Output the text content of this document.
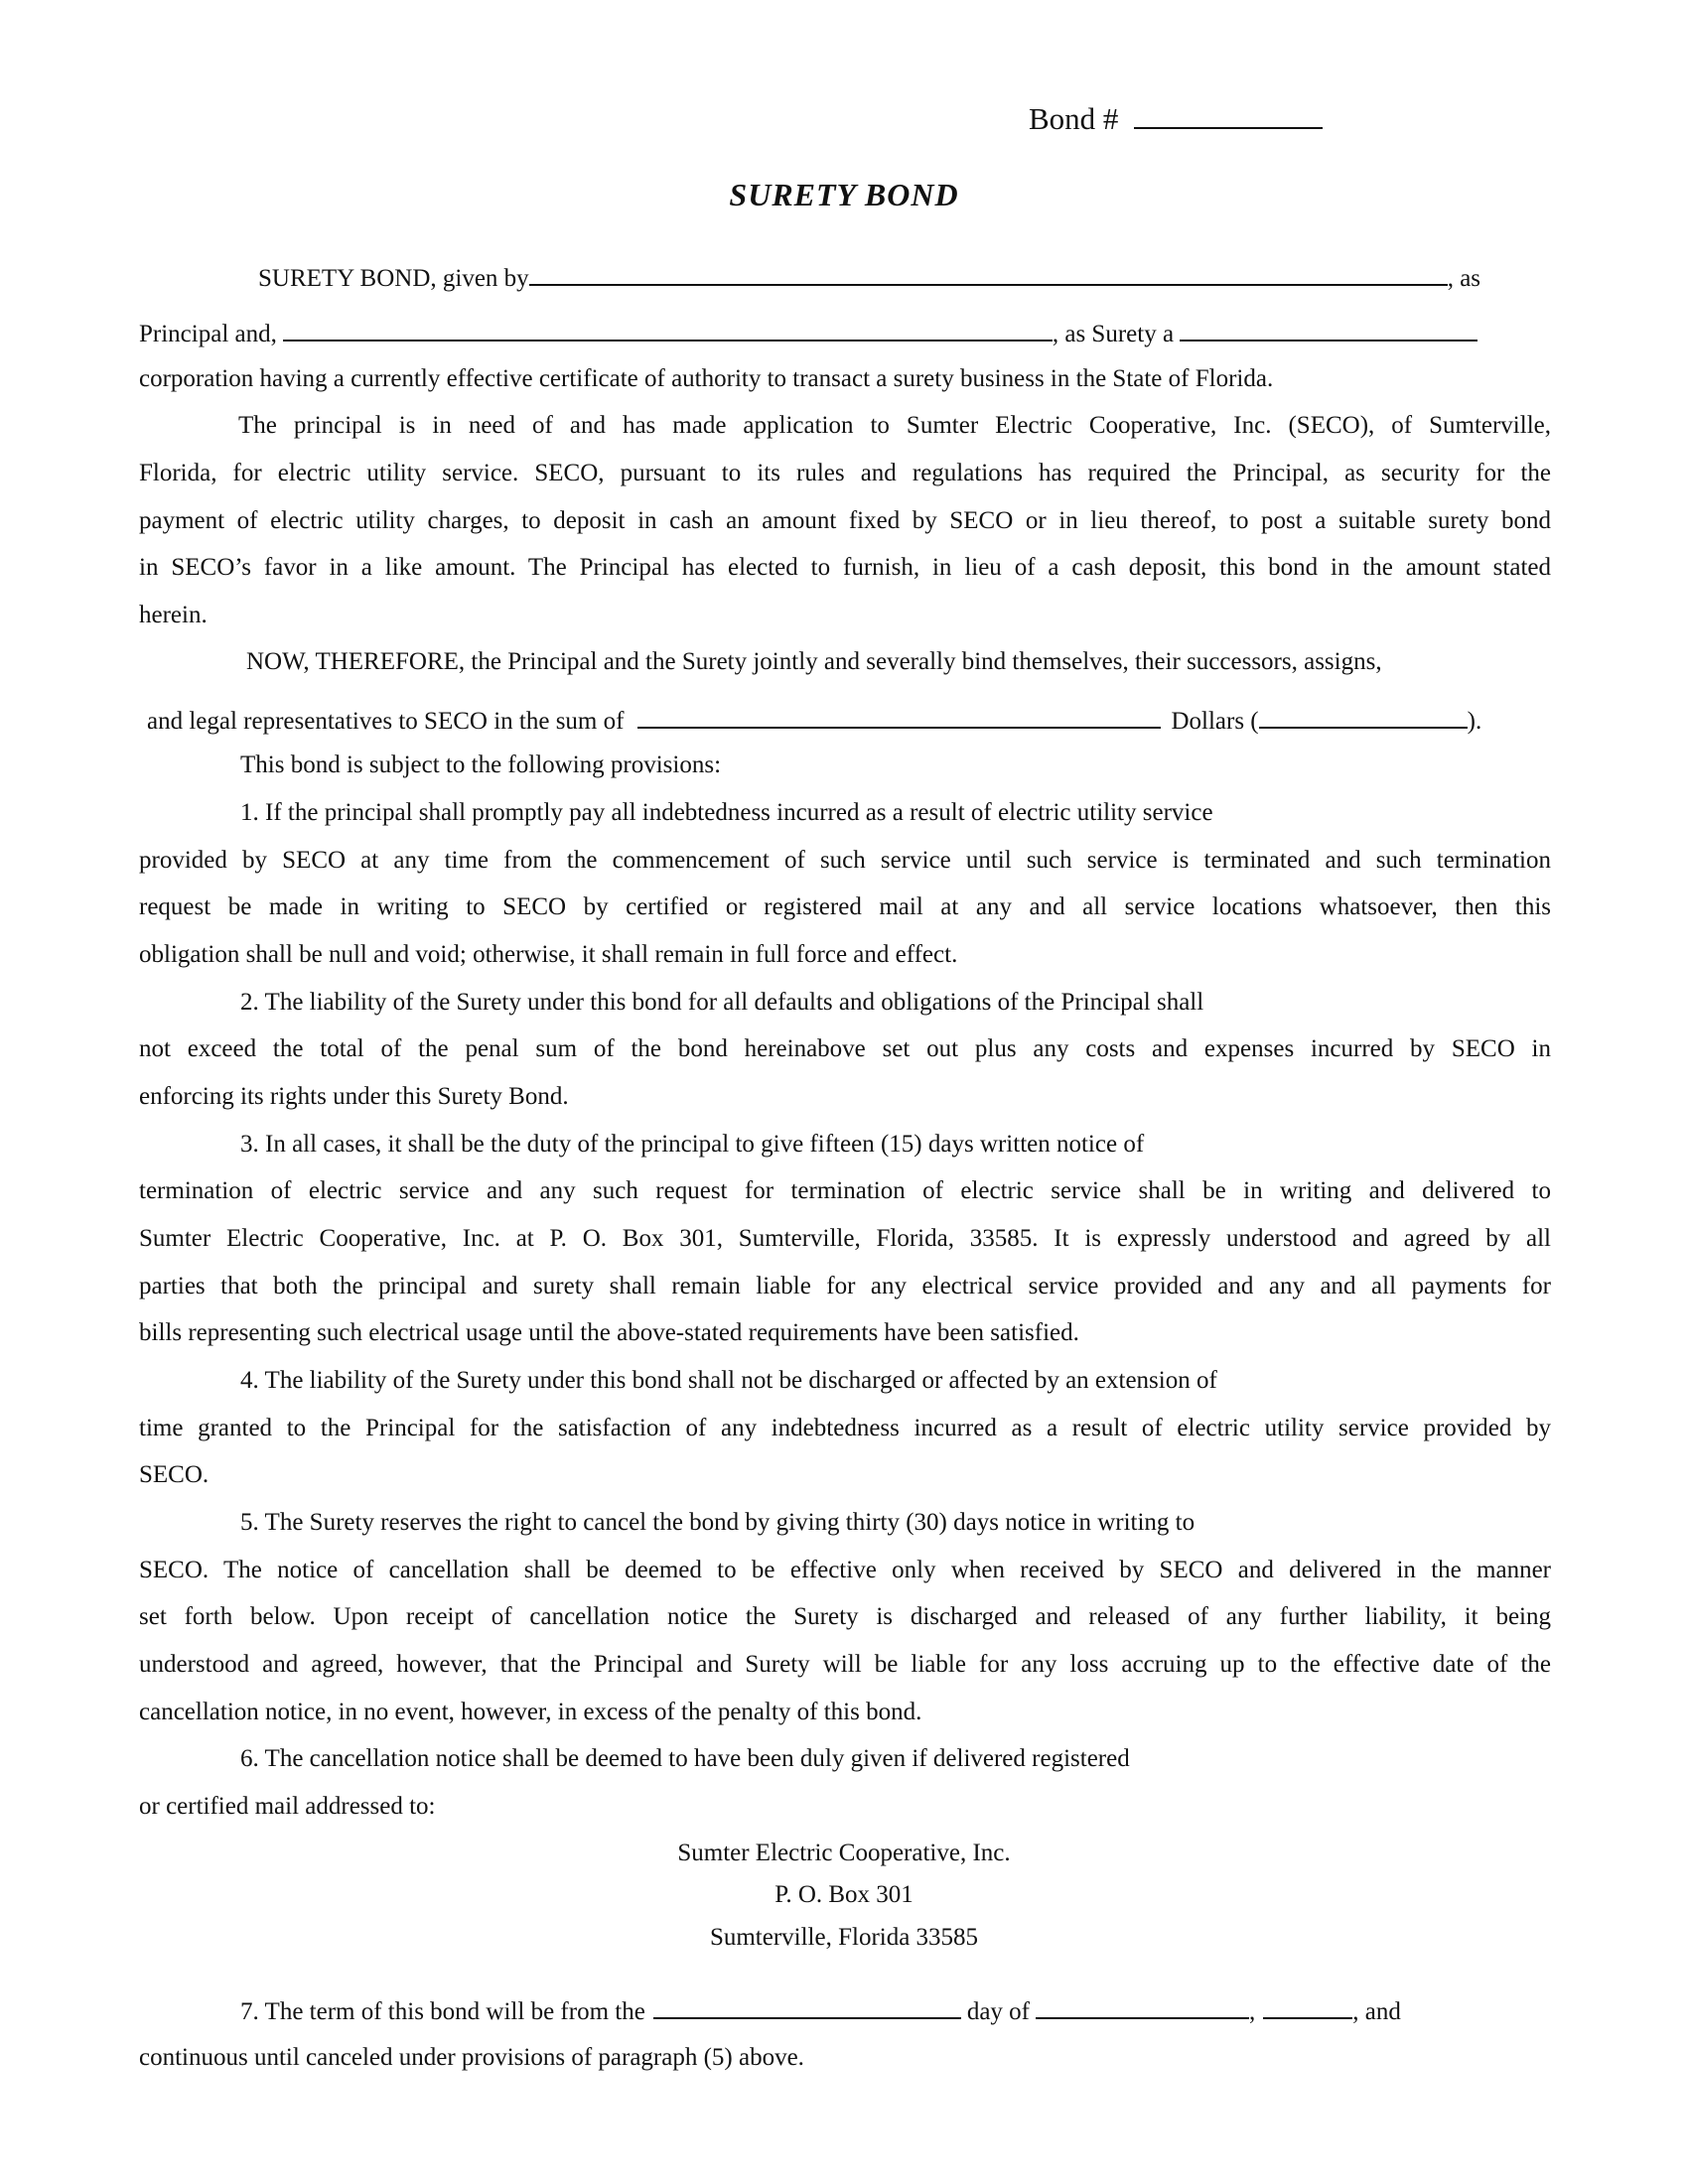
Bond #
SURETY BOND
SURETY BOND, given by	, as
Principal and,	, as Surety a
corporation having a currently effective certificate of authority to transact a surety business in the State of Florida.
The principal is in need of and has made application to Sumter Electric Cooperative, Inc. (SECO), of Sumterville,
Florida, for electric utility service. SECO, pursuant to its rules and regulations has required the Principal, as security for the
payment of electric utility charges, to deposit in cash an amount fixed by SECO or in lieu thereof, to post a suitable surety bond
in SECO’s favor in a like amount. The Principal has elected to furnish, in lieu of a cash deposit, this bond in the amount stated
herein.
NOW, THEREFORE, the Principal and the Surety jointly and severally bind themselves, their successors, assigns,
and legal representatives to SECO in the sum of	Dollars (	).
This bond is subject to the following provisions:
1. If the principal shall promptly pay all indebtedness incurred as a result of electric utility service
provided by SECO at any time from the commencement of such service until such service is terminated and such termination
request be made in writing to SECO by certified or registered mail at any and all service locations whatsoever, then this
obligation shall be null and void; otherwise, it shall remain in full force and effect.
2. The liability of the Surety under this bond for all defaults and obligations of the Principal shall
not exceed the total of the penal sum of the bond hereinabove set out plus any costs and expenses incurred by SECO in
enforcing its rights under this Surety Bond.
3. In all cases, it shall be the duty of the principal to give fifteen (15) days written notice of
termination of electric service and any such request for termination of electric service shall be in writing and delivered to
Sumter Electric Cooperative, Inc. at P. O. Box 301, Sumterville, Florida, 33585. It is expressly understood and agreed by all
parties that both the principal and surety shall remain liable for any electrical service provided and any and all payments for
bills representing such electrical usage until the above-stated requirements have been satisfied.
4. The liability of the Surety under this bond shall not be discharged or affected by an extension of
time granted to the Principal for the satisfaction of any indebtedness incurred as a result of electric utility service provided by
SECO.
5. The Surety reserves the right to cancel the bond by giving thirty (30) days notice in writing to
SECO. The notice of cancellation shall be deemed to be effective only when received by SECO and delivered in the manner
set forth below. Upon receipt of cancellation notice the Surety is discharged and released of any further liability, it being
understood and agreed, however, that the Principal and Surety will be liable for any loss accruing up to the effective date of the
cancellation notice, in no event, however, in excess of the penalty of this bond.
6. The cancellation notice shall be deemed to have been duly given if delivered registered
or certified mail addressed to:
Sumter Electric Cooperative, Inc.
P. O. Box 301
Sumterville, Florida 33585
7. The term of this bond will be from the	day of	,	, and
continuous until canceled under provisions of paragraph (5) above.
